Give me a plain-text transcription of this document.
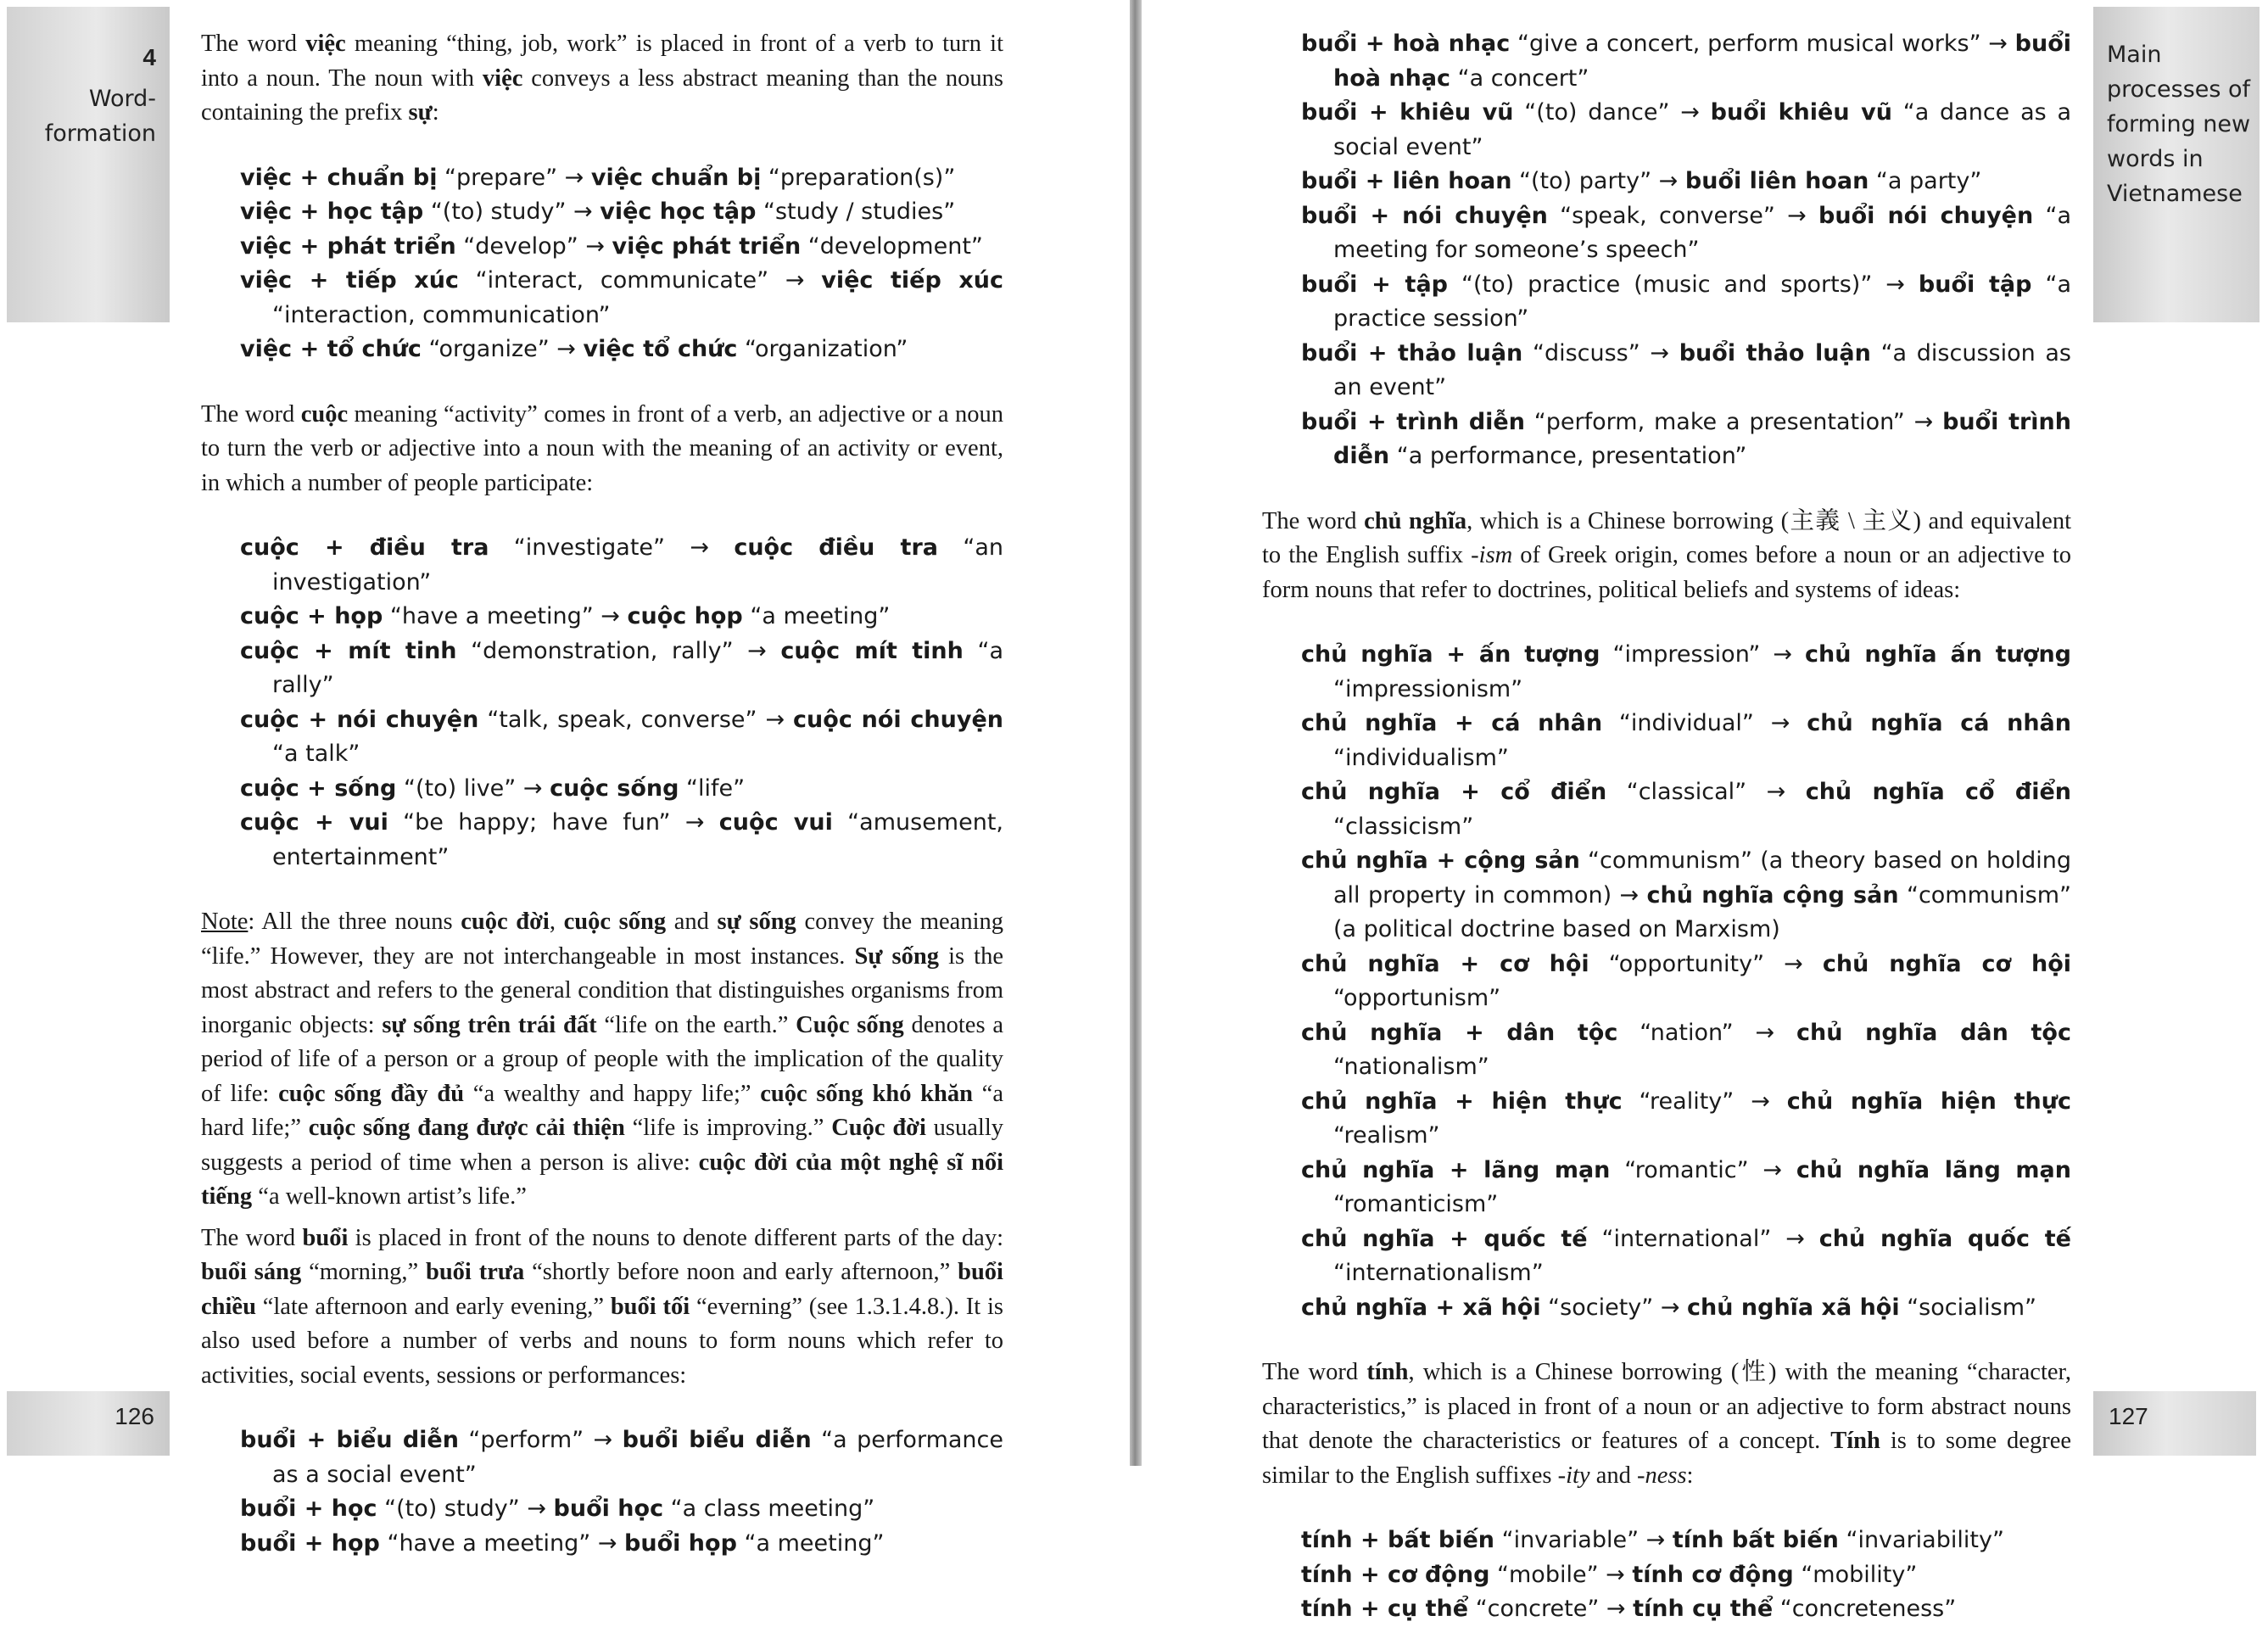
4
Word-
formation

The word việc meaning “thing, job, work” is placed in front of a verb to turn it into a noun. The noun with việc conveys a less abstract meaning than the nouns containing the prefix sự:

việc + chuẩn bị “prepare” → việc chuẩn bị “preparation(s)”
việc + học tập “(to) study” → việc học tập “study / studies”
việc + phát triển “develop” → việc phát triển “development”
việc + tiếp xúc “interact, communicate” → việc tiếp xúc “interaction, communication”
việc + tổ chức “organize” → việc tổ chức “organization”

The word cuộc meaning “activity” comes in front of a verb, an adjective or a noun to turn the verb or adjective into a noun with the meaning of an activity or event, in which a number of people participate:

cuộc + điều tra “investigate” → cuộc điều tra “an investigation”
cuộc + họp “have a meeting” → cuộc họp “a meeting”
cuộc + mít tinh “demonstration, rally” → cuộc mít tinh “a rally”
cuộc + nói chuyện “talk, speak, converse” → cuộc nói chuyện “a talk”
cuộc + sống “(to) live” → cuộc sống “life”
cuộc + vui “be happy; have fun” → cuộc vui “amusement, entertainment”

Note: All the three nouns cuộc đời, cuộc sống and sự sống convey the meaning “life.” However, they are not interchangeable in most instances. Sự sống is the most abstract and refers to the general condition that distinguishes organisms from inorganic objects: sự sống trên trái đất “life on the earth.” Cuộc sống denotes a period of life of a person or a group of people with the implication of the quality of life: cuộc sống đầy đủ “a wealthy and happy life;” cuộc sống khó khăn “a hard life;” cuộc sống đang được cải thiện “life is improving.” Cuộc đời usually suggests a period of time when a person is alive: cuộc đời của một nghệ sĩ nổi tiếng “a well-known artist’s life.”

The word buổi is placed in front of the nouns to denote different parts of the day: buổi sáng “morning,” buổi trưa “shortly before noon and early afternoon,” buổi chiều “late afternoon and early evening,” buổi tối “everning” (see 1.3.1.4.8.). It is also used before a number of verbs and nouns to form nouns which refer to activities, social events, sessions or performances:

buổi + biểu diễn “perform” → buổi biểu diễn “a performance as a social event”
buổi + học “(to) study” → buổi học “a class meeting”
buổi + họp “have a meeting” → buổi họp “a meeting”
126
buổi + hoà nhạc “give a concert, perform musical works” → buổi hoà nhạc “a concert”
buổi + khiêu vũ “(to) dance” → buổi khiêu vũ “a dance as a social event”
buổi + liên hoan “(to) party” → buổi liên hoan “a party”
buổi + nói chuyện “speak, converse” → buổi nói chuyện “a meeting for someone’s speech”
buổi + tập “(to) practice (music and sports)” → buổi tập “a practice session”
buổi + thảo luận “discuss” → buổi thảo luận “a discussion as an event”
buổi + trình diễn “perform, make a presentation” → buổi trình diễn “a performance, presentation”

The word chủ nghĩa, which is a Chinese borrowing (主義 \ 主义) and equivalent to the English suffix -ism of Greek origin, comes before a noun or an adjective to form nouns that refer to doctrines, political beliefs and systems of ideas:

chủ nghĩa + ấn tượng “impression” → chủ nghĩa ấn tượng “impressionism”
chủ nghĩa + cá nhân “individual” → chủ nghĩa cá nhân “individualism”
chủ nghĩa + cổ điển “classical” → chủ nghĩa cổ điển “classicism”
chủ nghĩa + cộng sản “communism” (a theory based on holding all property in common) → chủ nghĩa cộng sản “communism” (a political doctrine based on Marxism)
chủ nghĩa + cơ hội “opportunity” → chủ nghĩa cơ hội “opportunism”
chủ nghĩa + dân tộc “nation” → chủ nghĩa dân tộc “nationalism”
chủ nghĩa + hiện thực “reality” → chủ nghĩa hiện thực “realism”
chủ nghĩa + lãng mạn “romantic” → chủ nghĩa lãng mạn “romanticism”
chủ nghĩa + quốc tế “international” → chủ nghĩa quốc tế “internationalism”
chủ nghĩa + xã hội “society” → chủ nghĩa xã hội “socialism”

The word tính, which is a Chinese borrowing (性) with the meaning “character, characteristics,” is placed in front of a noun or an adjective to form abstract nouns that denote the characteristics or features of a concept. Tính is to some degree similar to the English suffixes -ity and -ness:

tính + bất biến “invariable” → tính bất biến “invariability”
tính + cơ động “mobile” → tính cơ động “mobility”
tính + cụ thể “concrete” → tính cụ thể “concreteness”
Main
processes of
forming new
words in
Vietnamese
127
